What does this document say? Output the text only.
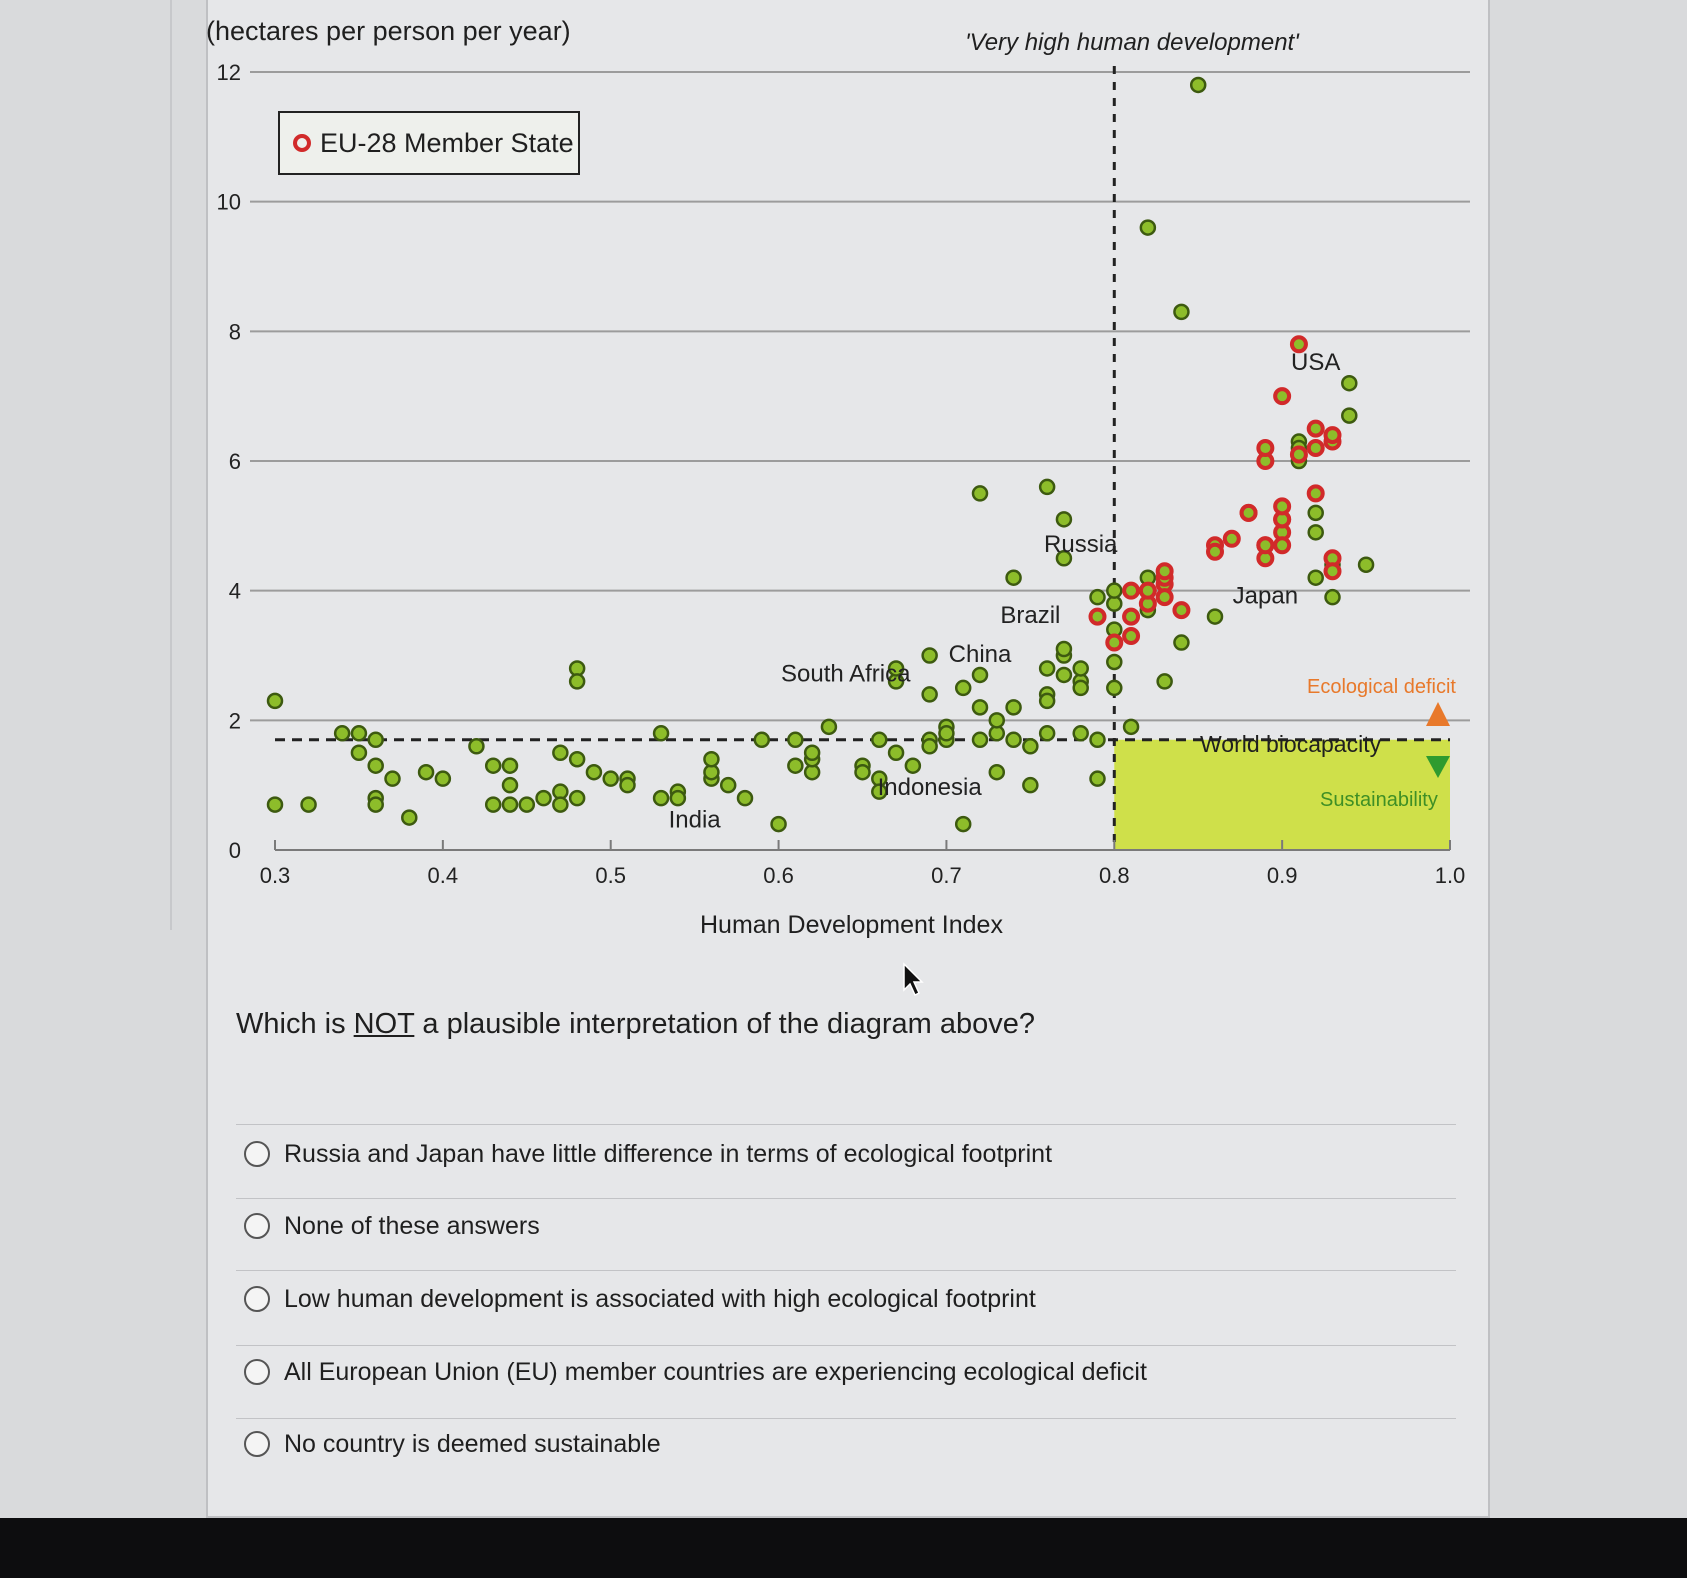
0.3	0.4	0.5	0.6	0.7	0.8	0.9	1.0
0
2
4
6
8
10
12
South Africa
China
Brazil
Russia
USA
Japan
Indonesia
India
(hectares per person per year)	'Very high human development'
Human Development Index
EU-28 Member State
Ecological deficit
World biocapacity
Sustainability
Which is NOT a plausible interpretation of the diagram above?
Russia and Japan have little difference in terms of ecological footprint
None of these answers
Low human development is associated with high ecological footprint
All European Union (EU) member countries are experiencing ecological deficit
No country is deemed sustainable
